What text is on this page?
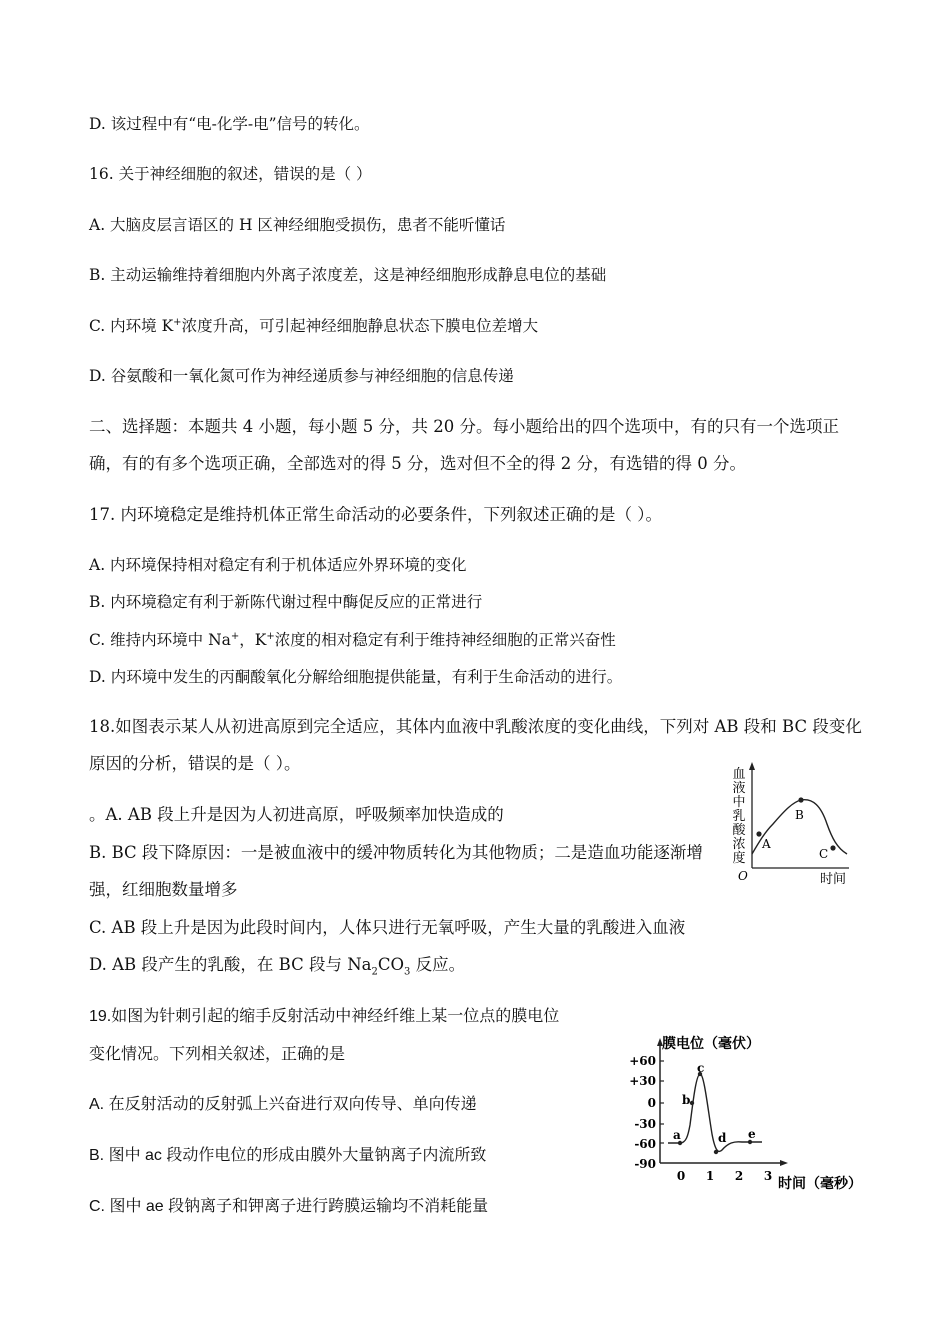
D. 该过程中有“电-化学-电”信号的转化。
16. 关于神经细胞的叙述，错误的是（ ）
A. 大脑皮层言语区的 H 区神经细胞受损伤，患者不能听懂话
B. 主动运输维持着细胞内外离子浓度差，这是神经细胞形成静息电位的基础
C. 内环境 K+浓度升高，可引起神经细胞静息状态下膜电位差增大
D. 谷氨酸和一氧化氮可作为神经递质参与神经细胞的信息传递
二、选择题：本题共 4 小题，每小题 5 分，共 20 分。每小题给出的四个选项中，有的只有一个选项正
确，有的有多个选项正确，全部选对的得 5 分，选对但不全的得 2 分，有选错的得 0 分。
17. 内环境稳定是维持机体正常生命活动的必要条件，下列叙述正确的是（ ）。
A. 内环境保持相对稳定有利于机体适应外界环境的变化
B. 内环境稳定有利于新陈代谢过程中酶促反应的正常进行
C. 维持内环境中 Na+，K+浓度的相对稳定有利于维持神经细胞的正常兴奋性
D. 内环境中发生的丙酮酸氧化分解给细胞提供能量，有利于生命活动的进行。
18.如图表示某人从初进高原到完全适应，其体内血液中乳酸浓度的变化曲线，下列对 AB 段和 BC 段变化
原因的分析，错误的是（ ）。
。A. AB 段上升是因为人初进高原，呼吸频率加快造成的
B. BC 段下降原因：一是被血液中的缓冲物质转化为其他物质；二是造血功能逐渐增
强，红细胞数量增多
C. AB 段上升是因为此段时间内，人体只进行无氧呼吸，产生大量的乳酸进入血液
D. AB 段产生的乳酸，在 BC 段与 $Na_2CO_3$ 反应。
血
液
中
乳
酸
浓
度
O	时间
A
B
C
19.如图为针刺引起的缩手反射活动中神经纤维上某一位点的膜电位
变化情况。下列相关叙述，正确的是
A. 在反射活动的反射弧上兴奋进行双向传导、单向传递
B. 图中 ac 段动作电位的形成由膜外大量钠离子内流所致
C. 图中 ae 段钠离子和钾离子进行跨膜运输均不消耗能量
膜电位（毫伏）
+60
+30
0
-30
-60
-90
0 1 2 3 时间（毫秒）
a
b
c
d e
